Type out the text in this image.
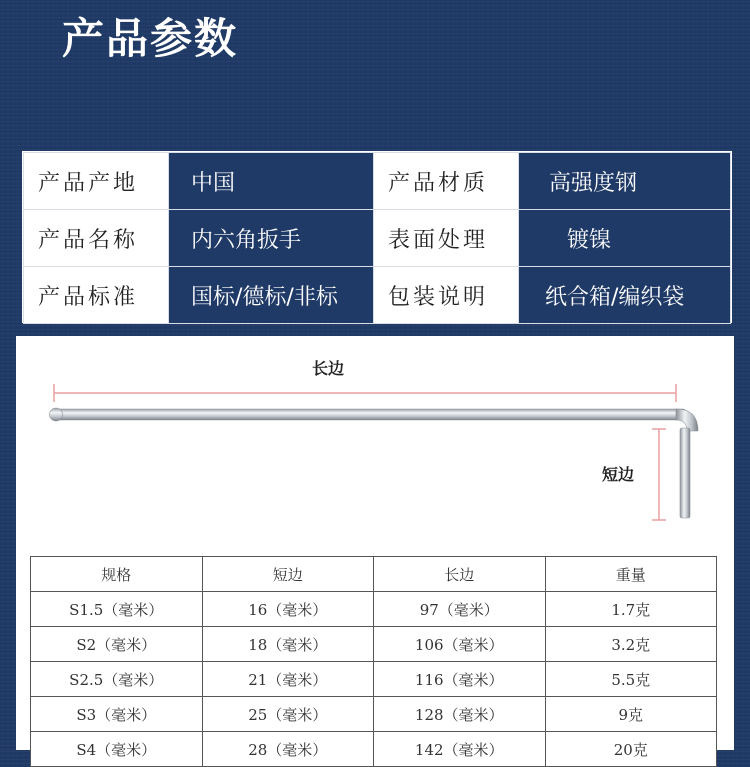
产品参数
产品产地	中国	产品材质	高强度钢
产品名称	内六角扳手	表面处理	镀镍
产品标准	国标/德标/非标	包装说明	纸合箱/编织袋
长边
短边
规格	短边	长边	重量
S1.5（毫米）	16（毫米）	97（毫米）	1.7克
S2（毫米）	18（毫米）	106（毫米）	3.2克
S2.5（毫米）	21（毫米）	116（毫米）	5.5克
S3（毫米）	25（毫米）	128（毫米）	9克
S4（毫米）	28（毫米）	142（毫米）	20克
